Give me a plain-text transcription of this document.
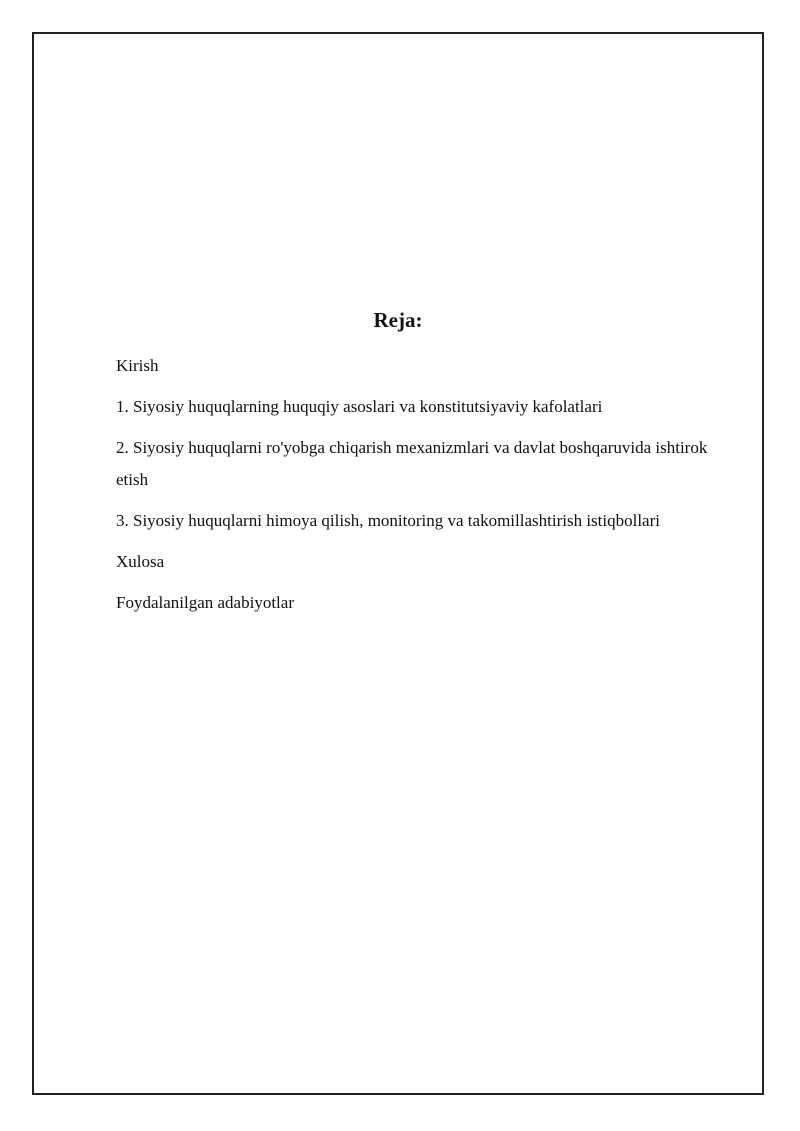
Reja:
Kirish
1. Siyosiy huquqlarning huquqiy asoslari va konstitutsiyaviy kafolatlari
2. Siyosiy huquqlarni ro'yobga chiqarish mexanizmlari va davlat boshqaruvida ishtirok etish
3. Siyosiy huquqlarni himoya qilish, monitoring va takomillashtirish istiqbollari
Xulosa
Foydalanilgan adabiyotlar
